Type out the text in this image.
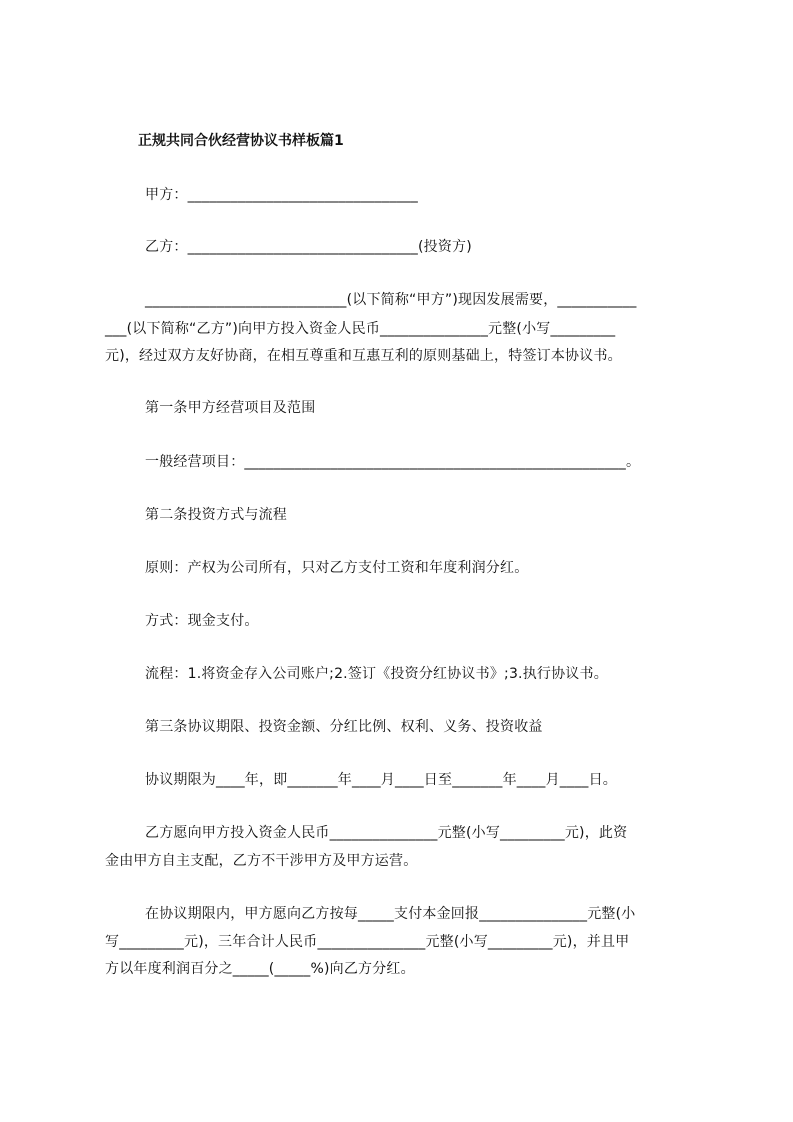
正规共同合伙经营协议书样板篇1
甲方：________________________________
乙方：________________________________(投资方)
____________________________(以下简称“甲方”)现因发展需要，___________
___(以下简称“乙方”)向甲方投入资金人民币_______________元整(小写_________
元)，经过双方友好协商，在相互尊重和互惠互利的原则基础上，特签订本协议书。
第一条甲方经营项目及范围
一般经营项目：_____________________________________________________。
第二条投资方式与流程
原则：产权为公司所有，只对乙方支付工资和年度利润分红。
方式：现金支付。
流程：1.将资金存入公司账户;2.签订《投资分红协议书》;3.执行协议书。
第三条协议期限、投资金额、分红比例、权利、义务、投资收益
协议期限为____年，即_______年____月____日至_______年____月____日。
乙方愿向甲方投入资金人民币_______________元整(小写_________元)，此资
金由甲方自主支配，乙方不干涉甲方及甲方运营。
在协议期限内，甲方愿向乙方按每_____支付本金回报_______________元整(小
写_________元)，三年合计人民币_______________元整(小写_________元)，并且甲
方以年度利润百分之_____(_____%)向乙方分红。
